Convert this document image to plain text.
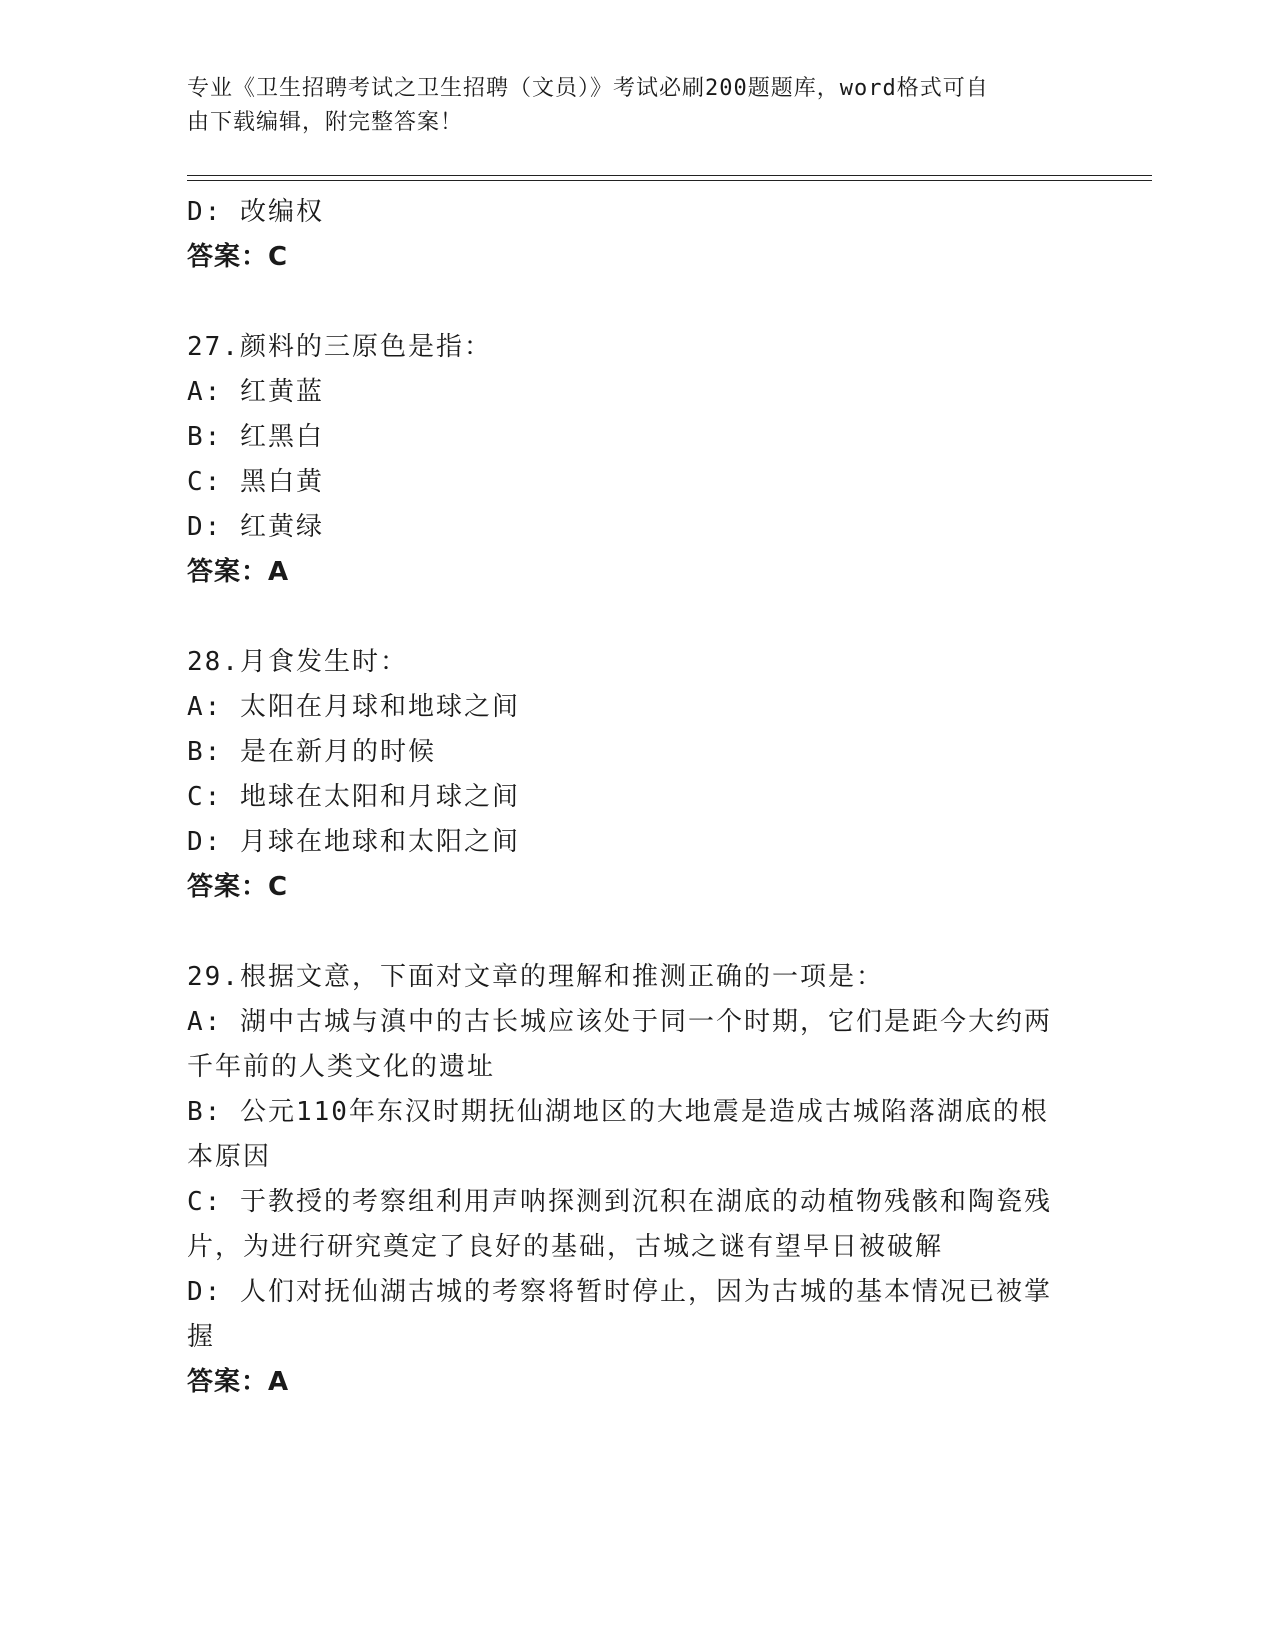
专业《卫生招聘考试之卫生招聘（文员）》考试必刷200题题库，word格式可自
由下载编辑，附完整答案！
D: 改编权
答案：C
27.颜料的三原色是指：
A: 红黄蓝
B: 红黑白
C: 黑白黄
D: 红黄绿
答案：A
28.月食发生时：
A: 太阳在月球和地球之间
B: 是在新月的时候
C: 地球在太阳和月球之间
D: 月球在地球和太阳之间
答案：C
29.根据文意，下面对文章的理解和推测正确的一项是：
A: 湖中古城与滇中的古长城应该处于同一个时期，它们是距今大约两
千年前的人类文化的遗址
B: 公元110年东汉时期抚仙湖地区的大地震是造成古城陷落湖底的根
本原因
C: 于教授的考察组利用声呐探测到沉积在湖底的动植物残骸和陶瓷残
片，为进行研究奠定了良好的基础，古城之谜有望早日被破解
D: 人们对抚仙湖古城的考察将暂时停止，因为古城的基本情况已被掌
握
答案：A
